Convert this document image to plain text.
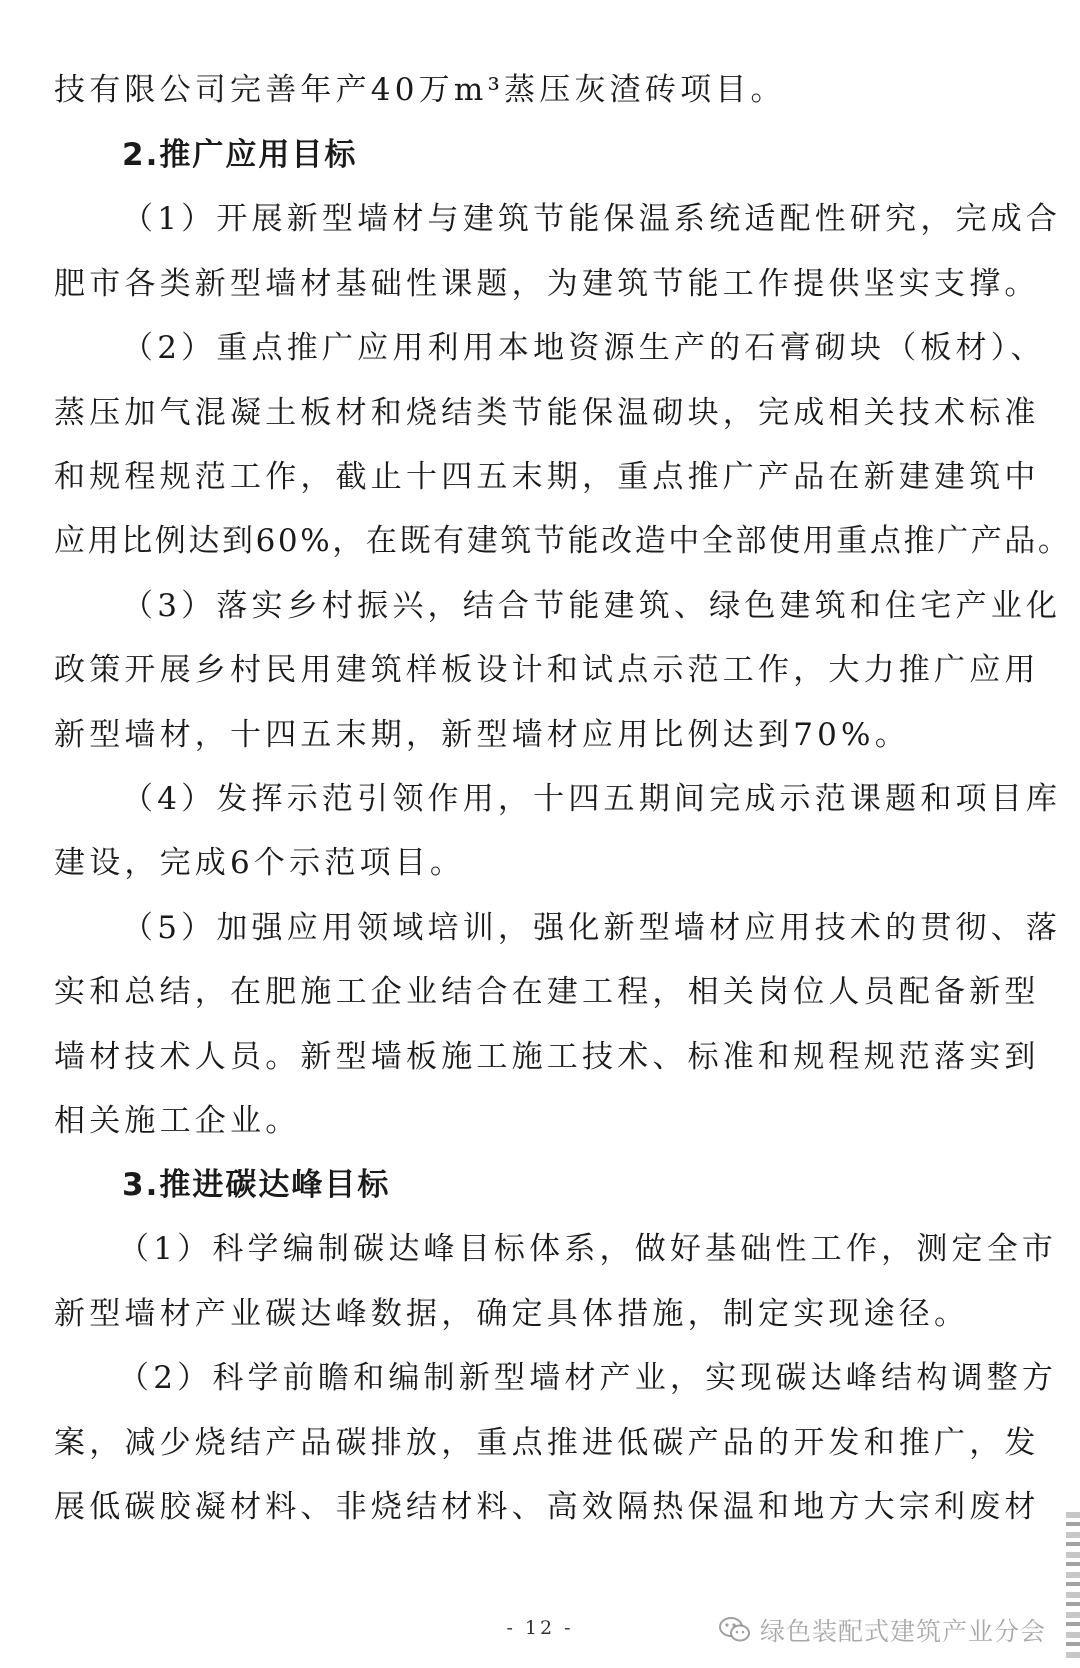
技有限公司完善年产40万m³蒸压灰渣砖项目。
2.推广应用目标
（1）开展新型墙材与建筑节能保温系统适配性研究，完成合
肥市各类新型墙材基础性课题，为建筑节能工作提供坚实支撑。
（2）重点推广应用利用本地资源生产的石膏砌块（板材）、
蒸压加气混凝土板材和烧结类节能保温砌块，完成相关技术标准
和规程规范工作，截止十四五末期，重点推广产品在新建建筑中
应用比例达到60%，在既有建筑节能改造中全部使用重点推广产品。
（3）落实乡村振兴，结合节能建筑、绿色建筑和住宅产业化
政策开展乡村民用建筑样板设计和试点示范工作，大力推广应用
新型墙材，十四五末期，新型墙材应用比例达到70%。
（4）发挥示范引领作用，十四五期间完成示范课题和项目库
建设，完成6个示范项目。
（5）加强应用领域培训，强化新型墙材应用技术的贯彻、落
实和总结，在肥施工企业结合在建工程，相关岗位人员配备新型
墙材技术人员。新型墙板施工施工技术、标准和规程规范落实到
相关施工企业。
3.推进碳达峰目标
（1）科学编制碳达峰目标体系，做好基础性工作，测定全市
新型墙材产业碳达峰数据，确定具体措施，制定实现途径。
（2）科学前瞻和编制新型墙材产业，实现碳达峰结构调整方
案，减少烧结产品碳排放，重点推进低碳产品的开发和推广，发
展低碳胶凝材料、非烧结材料、高效隔热保温和地方大宗利废材
- 12 -	绿色装配式建筑产业分会
